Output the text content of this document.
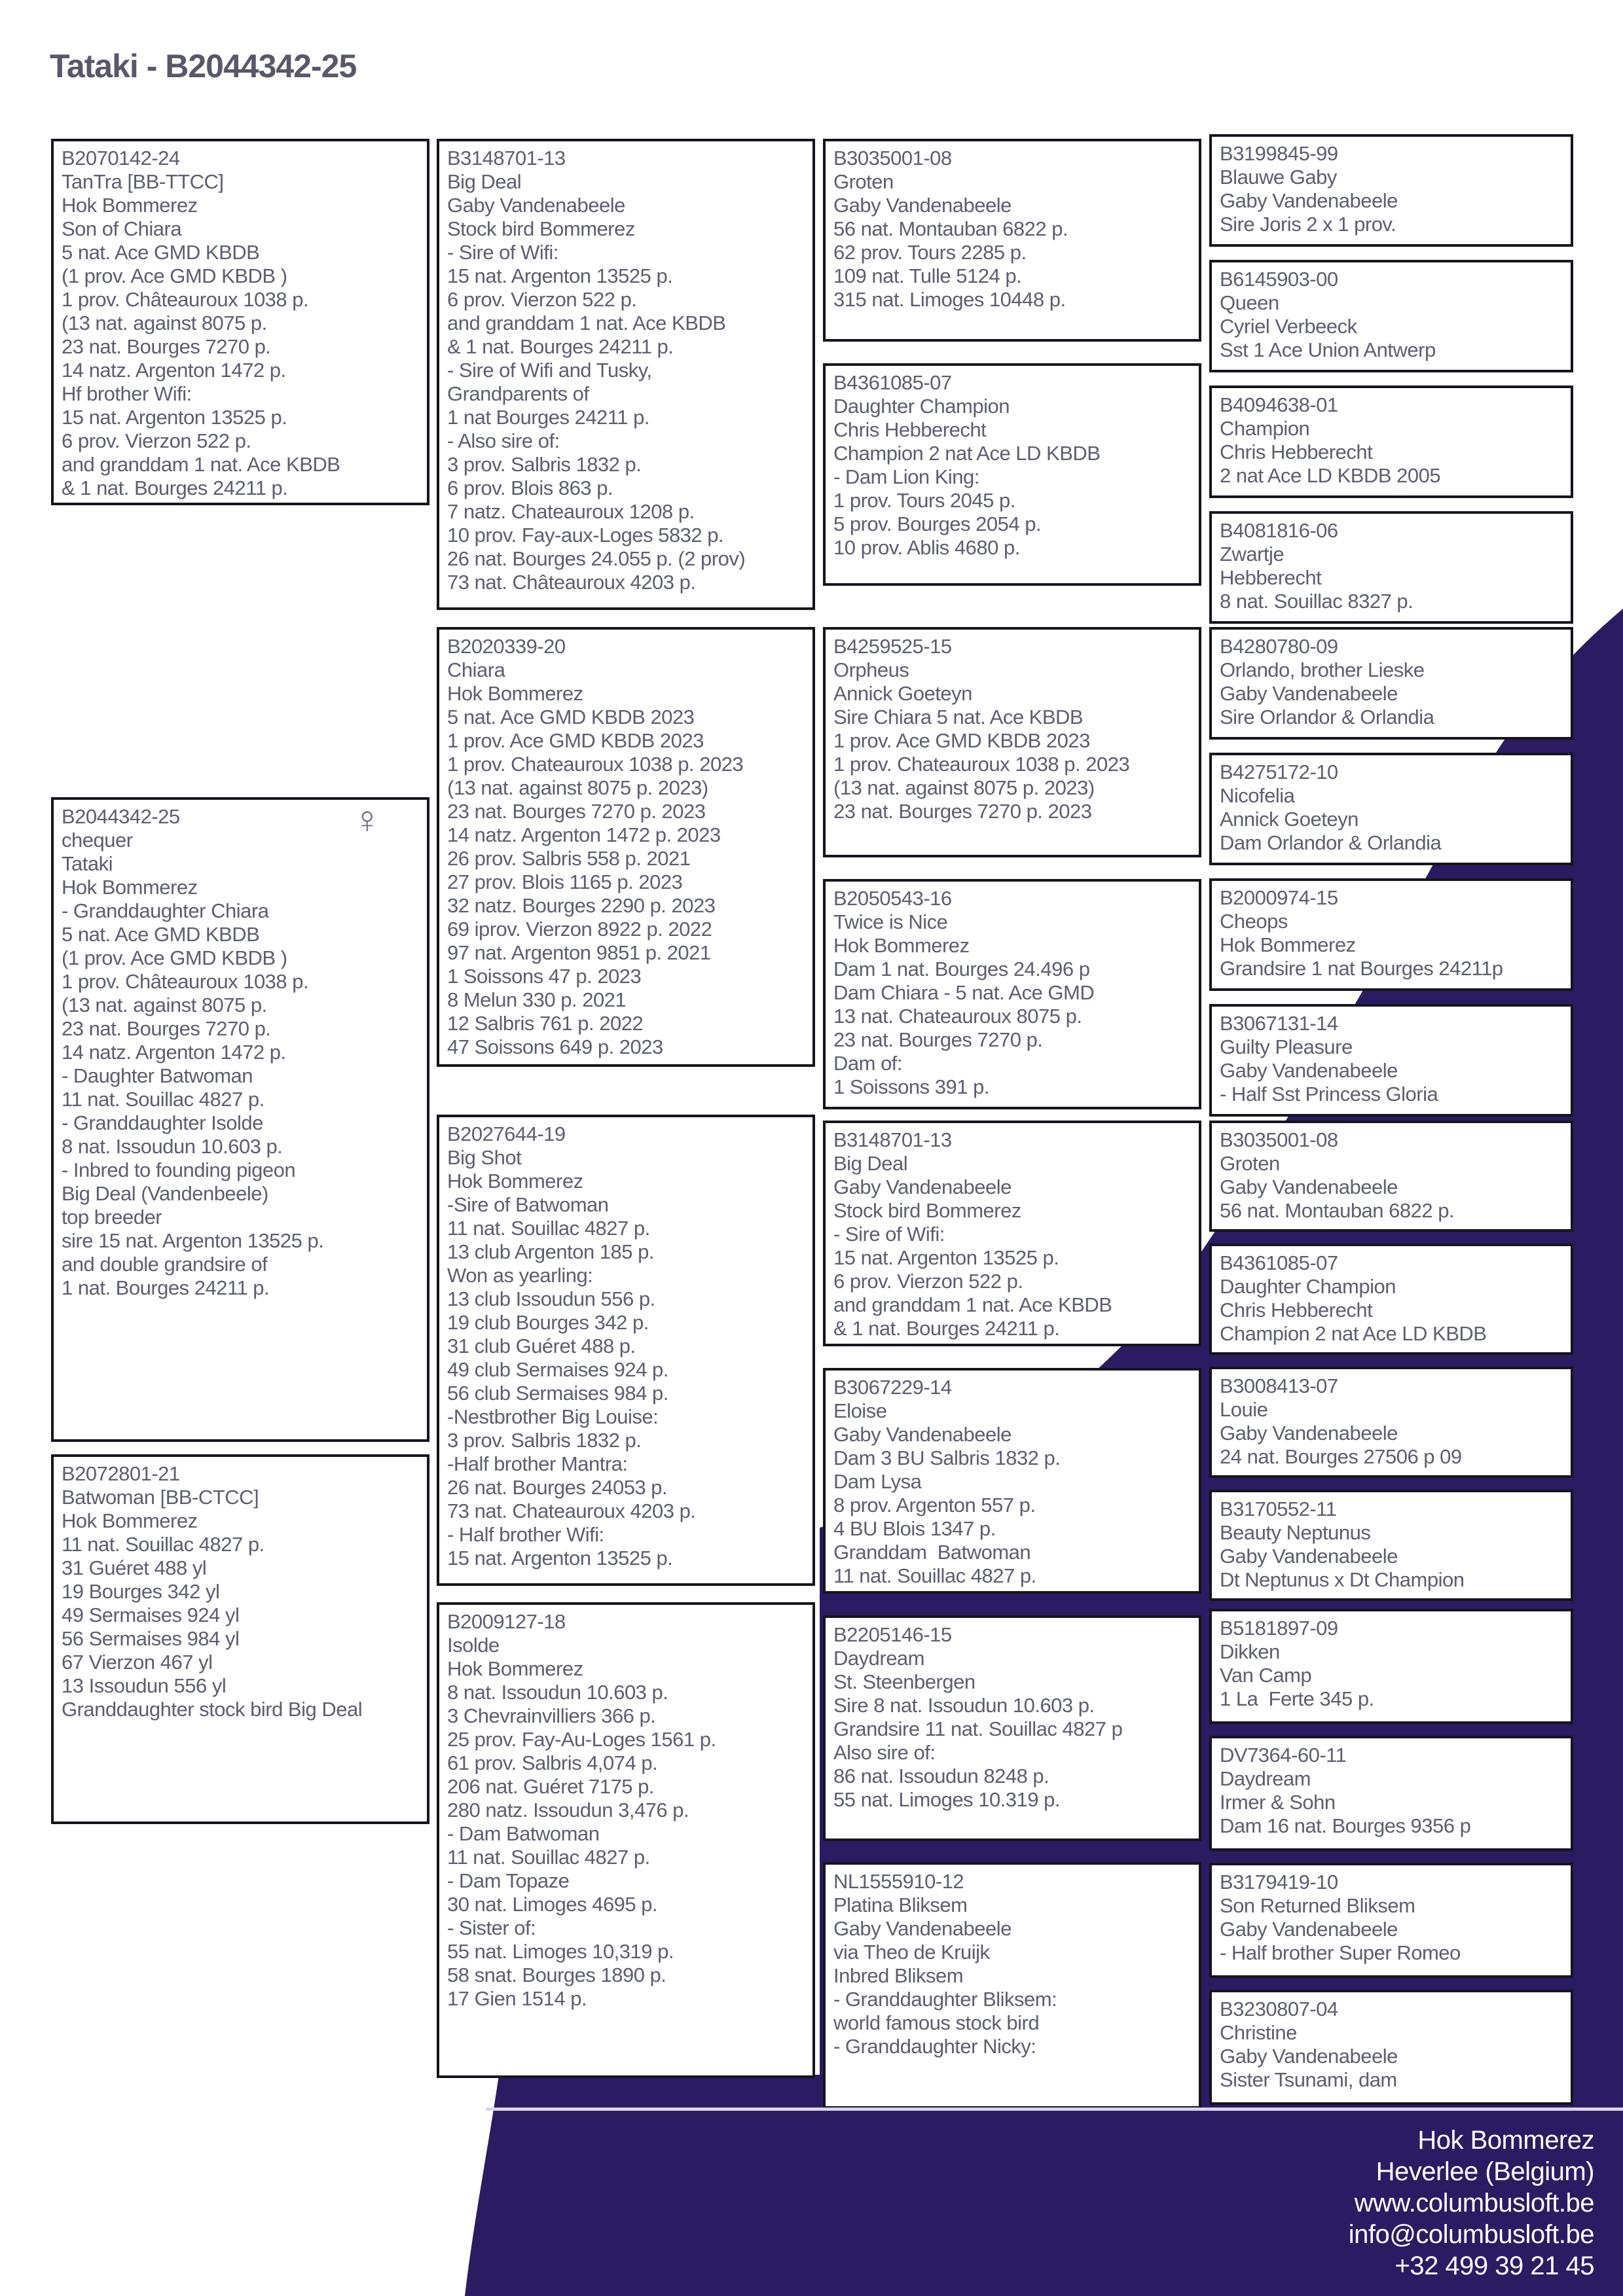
Tataki - B2044342-25
B2070142-24
TanTra [BB-TTCC]
Hok Bommerez
Son of Chiara
5 nat. Ace GMD KBDB
(1 prov. Ace GMD KBDB )
1 prov. Châteauroux 1038 p.
(13 nat. against 8075 p.
23 nat. Bourges 7270 p.
14 natz. Argenton 1472 p.
Hf brother Wifi:
15 nat. Argenton 13525 p.
6 prov. Vierzon 522 p.
and granddam 1 nat. Ace KBDB
& 1 nat. Bourges 24211 p.
♀
B2044342-25
chequer
Tataki
Hok Bommerez
- Granddaughter Chiara
5 nat. Ace GMD KBDB
(1 prov. Ace GMD KBDB )
1 prov. Châteauroux 1038 p.
(13 nat. against 8075 p.
23 nat. Bourges 7270 p.
14 natz. Argenton 1472 p.
- Daughter Batwoman
11 nat. Souillac 4827 p.
- Granddaughter Isolde
8 nat. Issoudun 10.603 p.
- Inbred to founding pigeon
Big Deal (Vandenbeele)
top breeder
sire 15 nat. Argenton 13525 p.
and double grandsire of
1 nat. Bourges 24211 p.
B2072801-21
Batwoman [BB-CTCC]
Hok Bommerez
11 nat. Souillac 4827 p.
31 Guéret 488 yl
19 Bourges 342 yl
49 Sermaises 924 yl
56 Sermaises 984 yl
67 Vierzon 467 yl
13 Issoudun 556 yl
Granddaughter stock bird Big Deal
B3148701-13
Big Deal
Gaby Vandenabeele
Stock bird Bommerez
- Sire of Wifi:
15 nat. Argenton 13525 p.
6 prov. Vierzon 522 p.
and granddam 1 nat. Ace KBDB
& 1 nat. Bourges 24211 p.
- Sire of Wifi and Tusky,
Grandparents of
1 nat Bourges 24211 p.
- Also sire of:
3 prov. Salbris 1832 p.
6 prov. Blois 863 p.
7 natz. Chateauroux 1208 p.
10 prov. Fay-aux-Loges 5832 p.
26 nat. Bourges 24.055 p. (2 prov)
73 nat. Châteauroux 4203 p.
B2020339-20
Chiara
Hok Bommerez
5 nat. Ace GMD KBDB 2023
1 prov. Ace GMD KBDB 2023
1 prov. Chateauroux 1038 p. 2023
(13 nat. against 8075 p. 2023)
23 nat. Bourges 7270 p. 2023
14 natz. Argenton 1472 p. 2023
26 prov. Salbris 558 p. 2021
27 prov. Blois 1165 p. 2023
32 natz. Bourges 2290 p. 2023
69 iprov. Vierzon 8922 p. 2022
97 nat. Argenton 9851 p. 2021
1 Soissons 47 p. 2023
8 Melun 330 p. 2021
12 Salbris 761 p. 2022
47 Soissons 649 p. 2023
B2027644-19
Big Shot
Hok Bommerez
-Sire of Batwoman
11 nat. Souillac 4827 p.
13 club Argenton 185 p.
Won as yearling:
13 club Issoudun 556 p.
19 club Bourges 342 p.
31 club Guéret 488 p.
49 club Sermaises 924 p.
56 club Sermaises 984 p.
-Nestbrother Big Louise:
3 prov. Salbris 1832 p.
-Half brother Mantra:
26 nat. Bourges 24053 p.
73 nat. Chateauroux 4203 p.
- Half brother Wifi:
15 nat. Argenton 13525 p.
B2009127-18
Isolde
Hok Bommerez
8 nat. Issoudun 10.603 p.
3 Chevrainvilliers 366 p.
25 prov. Fay-Au-Loges 1561 p.
61 prov. Salbris 4,074 p.
206 nat. Guéret 7175 p.
280 natz. Issoudun 3,476 p.
- Dam Batwoman
11 nat. Souillac 4827 p.
- Dam Topaze
30 nat. Limoges 4695 p.
- Sister of:
55 nat. Limoges 10,319 p.
58 snat. Bourges 1890 p.
17 Gien 1514 p.
B3035001-08
Groten
Gaby Vandenabeele
56 nat. Montauban 6822 p.
62 prov. Tours 2285 p.
109 nat. Tulle 5124 p.
315 nat. Limoges 10448 p.
B4361085-07
Daughter Champion
Chris Hebberecht
Champion 2 nat Ace LD KBDB
- Dam Lion King:
1 prov. Tours 2045 p.
5 prov. Bourges 2054 p.
10 prov. Ablis 4680 p.
B4259525-15
Orpheus
Annick Goeteyn
Sire Chiara 5 nat. Ace KBDB
1 prov. Ace GMD KBDB 2023
1 prov. Chateauroux 1038 p. 2023
(13 nat. against 8075 p. 2023)
23 nat. Bourges 7270 p. 2023
B2050543-16
Twice is Nice
Hok Bommerez
Dam 1 nat. Bourges 24.496 p
Dam Chiara - 5 nat. Ace GMD
13 nat. Chateauroux 8075 p.
23 nat. Bourges 7270 p.
Dam of:
1 Soissons 391 p.
B3148701-13
Big Deal
Gaby Vandenabeele
Stock bird Bommerez
- Sire of Wifi:
15 nat. Argenton 13525 p.
6 prov. Vierzon 522 p.
and granddam 1 nat. Ace KBDB
& 1 nat. Bourges 24211 p.
B3067229-14
Eloise
Gaby Vandenabeele
Dam 3 BU Salbris 1832 p.
Dam Lysa
8 prov. Argenton 557 p.
4 BU Blois 1347 p.
Granddam  Batwoman
11 nat. Souillac 4827 p.
B2205146-15
Daydream
St. Steenbergen
Sire 8 nat. Issoudun 10.603 p.
Grandsire 11 nat. Souillac 4827 p
Also sire of:
86 nat. Issoudun 8248 p.
55 nat. Limoges 10.319 p.
NL1555910-12
Platina Bliksem
Gaby Vandenabeele
via Theo de Kruijk
Inbred Bliksem
- Granddaughter Bliksem:
world famous stock bird
- Granddaughter Nicky:
B3199845-99
Blauwe Gaby
Gaby Vandenabeele
Sire Joris 2 x 1 prov.
B6145903-00
Queen
Cyriel Verbeeck
Sst 1 Ace Union Antwerp
B4094638-01
Champion
Chris Hebberecht
2 nat Ace LD KBDB 2005
B4081816-06
Zwartje
Hebberecht
8 nat. Souillac 8327 p.
B4280780-09
Orlando, brother Lieske
Gaby Vandenabeele
Sire Orlandor & Orlandia
B4275172-10
Nicofelia
Annick Goeteyn
Dam Orlandor & Orlandia
B2000974-15
Cheops
Hok Bommerez
Grandsire 1 nat Bourges 24211p
B3067131-14
Guilty Pleasure
Gaby Vandenabeele
- Half Sst Princess Gloria
B3035001-08
Groten
Gaby Vandenabeele
56 nat. Montauban 6822 p.
B4361085-07
Daughter Champion
Chris Hebberecht
Champion 2 nat Ace LD KBDB
B3008413-07
Louie
Gaby Vandenabeele
24 nat. Bourges 27506 p 09
B3170552-11
Beauty Neptunus
Gaby Vandenabeele
Dt Neptunus x Dt Champion
B5181897-09
Dikken
Van Camp
1 La  Ferte 345 p.
DV7364-60-11
Daydream
Irmer & Sohn
Dam 16 nat. Bourges 9356 p
B3179419-10
Son Returned Bliksem
Gaby Vandenabeele
- Half brother Super Romeo
B3230807-04
Christine
Gaby Vandenabeele
Sister Tsunami, dam
Hok Bommerez
Heverlee (Belgium)
www.columbusloft.be
info@columbusloft.be
+32 499 39 21 45
